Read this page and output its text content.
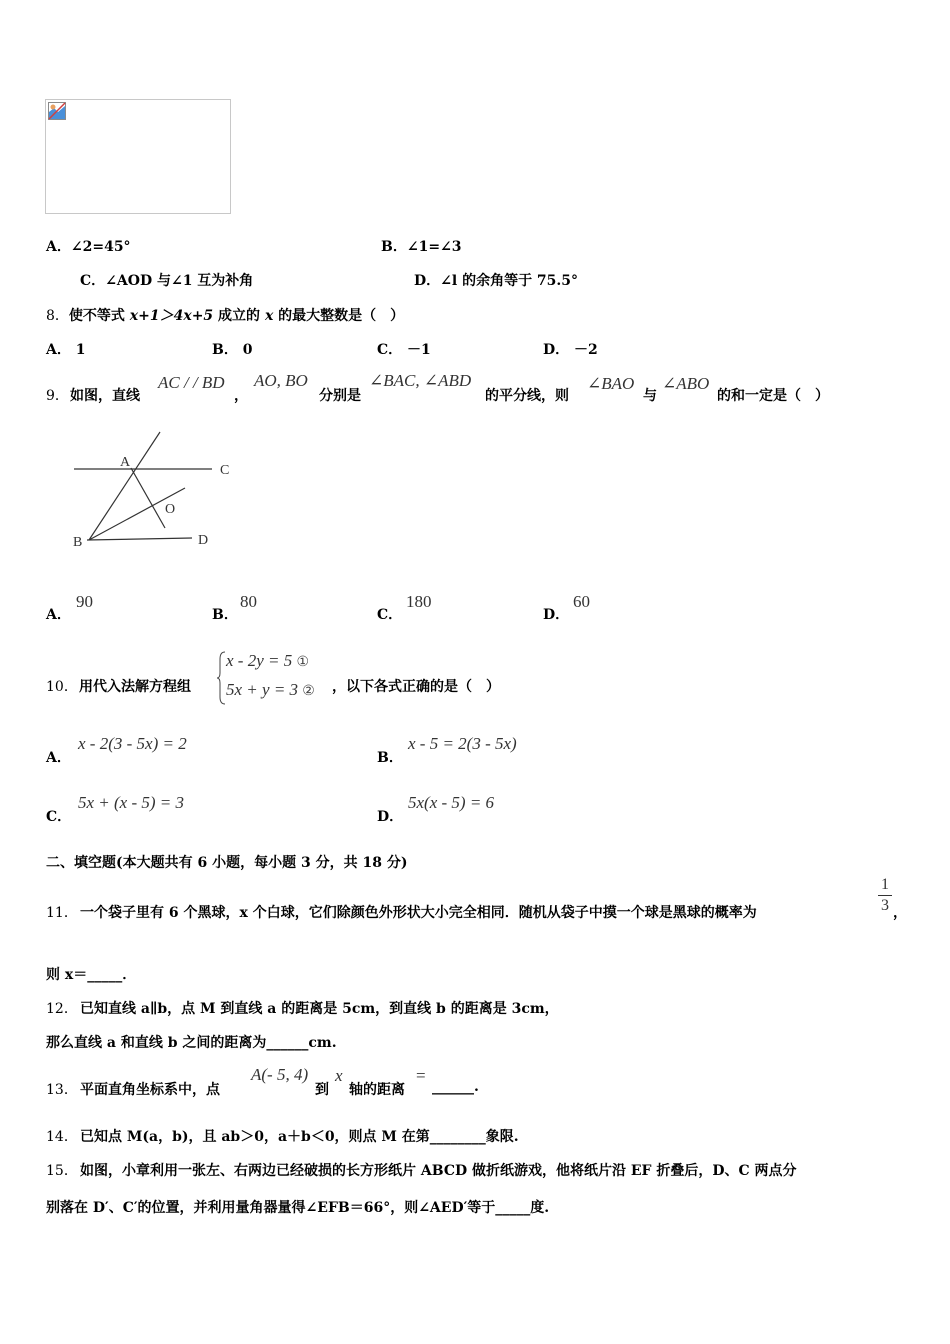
A．∠2=45°	B．∠1=∠3
C．∠AOD 与∠1 互为补角	D．∠l 的余角等于 75.5°
8．使不等式 x+1＞4x+5 成立的 x 的最大整数是（　）
A． 1	B． 0	C． －1	D． －2
9． 如图，直线
AC / / BD
，
AO, BO
分别是
∠BAC, ∠ABD
的平分线，则
∠BAO
与
∠ABO
的和一定是（　）
A
C
O
B	D
A．
90
B．
80
C．
180
D．
60
10． 用代入法解方程组
x - 2y = 5 ①
5x + y = 3 ② ，以下各式正确的是（　）
A．
x - 2(3 - 5x) = 2
B．
x - 5 = 2(3 - 5x)
C．
5x + (x - 5) = 3
D．
5x(x - 5) = 6
二、填空题(本大题共有 6 小题，每小题 3 分，共 18 分)
11． 一个袋子里有 6 个黑球，x 个白球，它们除颜色外形状大小完全相同．随机从袋子中摸一个球是黑球的概率为
1
3 ，
则 x＝_____．
12． 已知直线 a∥b，点 M 到直线 a 的距离是 5cm，到直线 b 的距离是 3cm，
那么直线 a 和直线 b 之间的距离为______cm.
13． 平面直角坐标系中，点
A(- 5, 4)
到
x
轴的距离
=
______.
14． 已知点 M(a，b)，且 ab＞0，a＋b＜0，则点 M 在第________象限.
15． 如图，小章利用一张左、右两边已经破损的长方形纸片 ABCD 做折纸游戏，他将纸片沿 EF 折叠后，D、C 两点分
别落在 D′、C′的位置，并利用量角器量得∠EFB＝66°，则∠AED′等于_____度.
